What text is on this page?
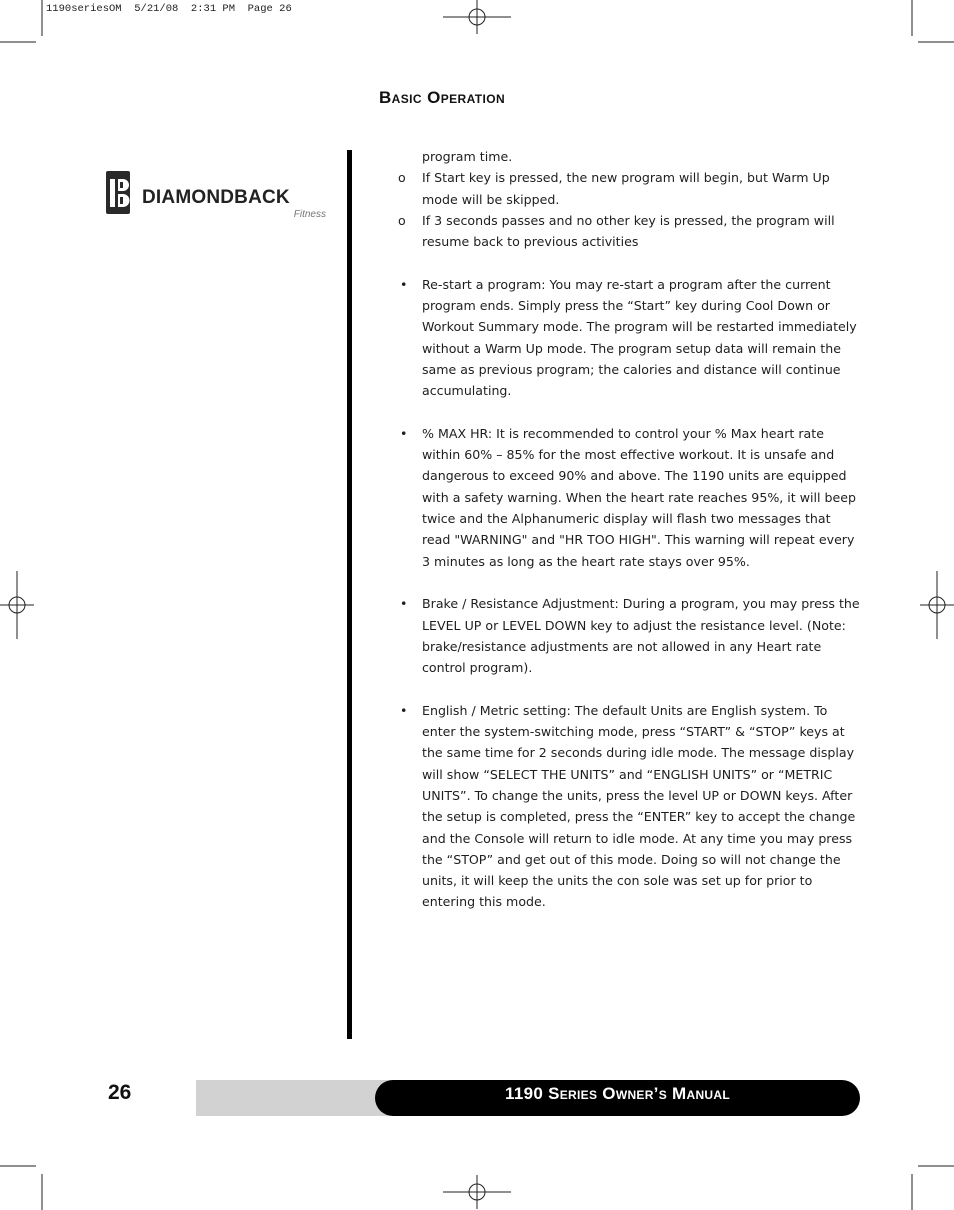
1190seriesOM  5/21/08  2:31 PM  Page 26
Basic Operation
DIAMONDBACK
Fitness

program time.

o	If Start key is pressed, the new program will begin, but Warm Up mode will be skipped.

o	If 3 seconds passes and no other key is pressed, the program will resume back to previous activities

•	Re-start a program: You may re-start a program after the current program ends. Simply press the “Start” key during Cool Down or Workout Summary mode. The program will be restarted immediately without a Warm Up mode. The program setup data will remain the same as previous program; the calories and distance will continue accumulating.

•	% MAX HR: It is recommended to control your % Max heart rate within 60% – 85% for the most effective workout. It is unsafe and dangerous to exceed 90% and above. The 1190 units are equipped with a safety warning. When the heart rate reaches 95%, it will beep twice and the Alphanumeric display will flash two messages that read "WARNING" and "HR TOO HIGH". This warning will repeat every 3 minutes as long as the heart rate stays over 95%.

•	Brake / Resistance Adjustment: During a program, you may press the LEVEL UP or LEVEL DOWN key to adjust the resistance level. (Note: brake/resistance adjustments are not allowed in any Heart rate control program).

•	English / Metric setting: The default Units are English system. To enter the system-switching mode, press “START” & “STOP” keys at the same time for 2 seconds during idle mode. The message display will show “SELECT THE UNITS” and “ENGLISH UNITS” or “METRIC UNITS”. To change the units, press the level UP or DOWN keys. After the setup is completed, press the “ENTER” key to accept the change and the Console will return to idle mode. At any time you may press the “STOP” and get out of this mode. Doing so will not change the units, it will keep the units the con sole was set up for prior to entering this mode.

26	1190 Series Owner’s Manual
